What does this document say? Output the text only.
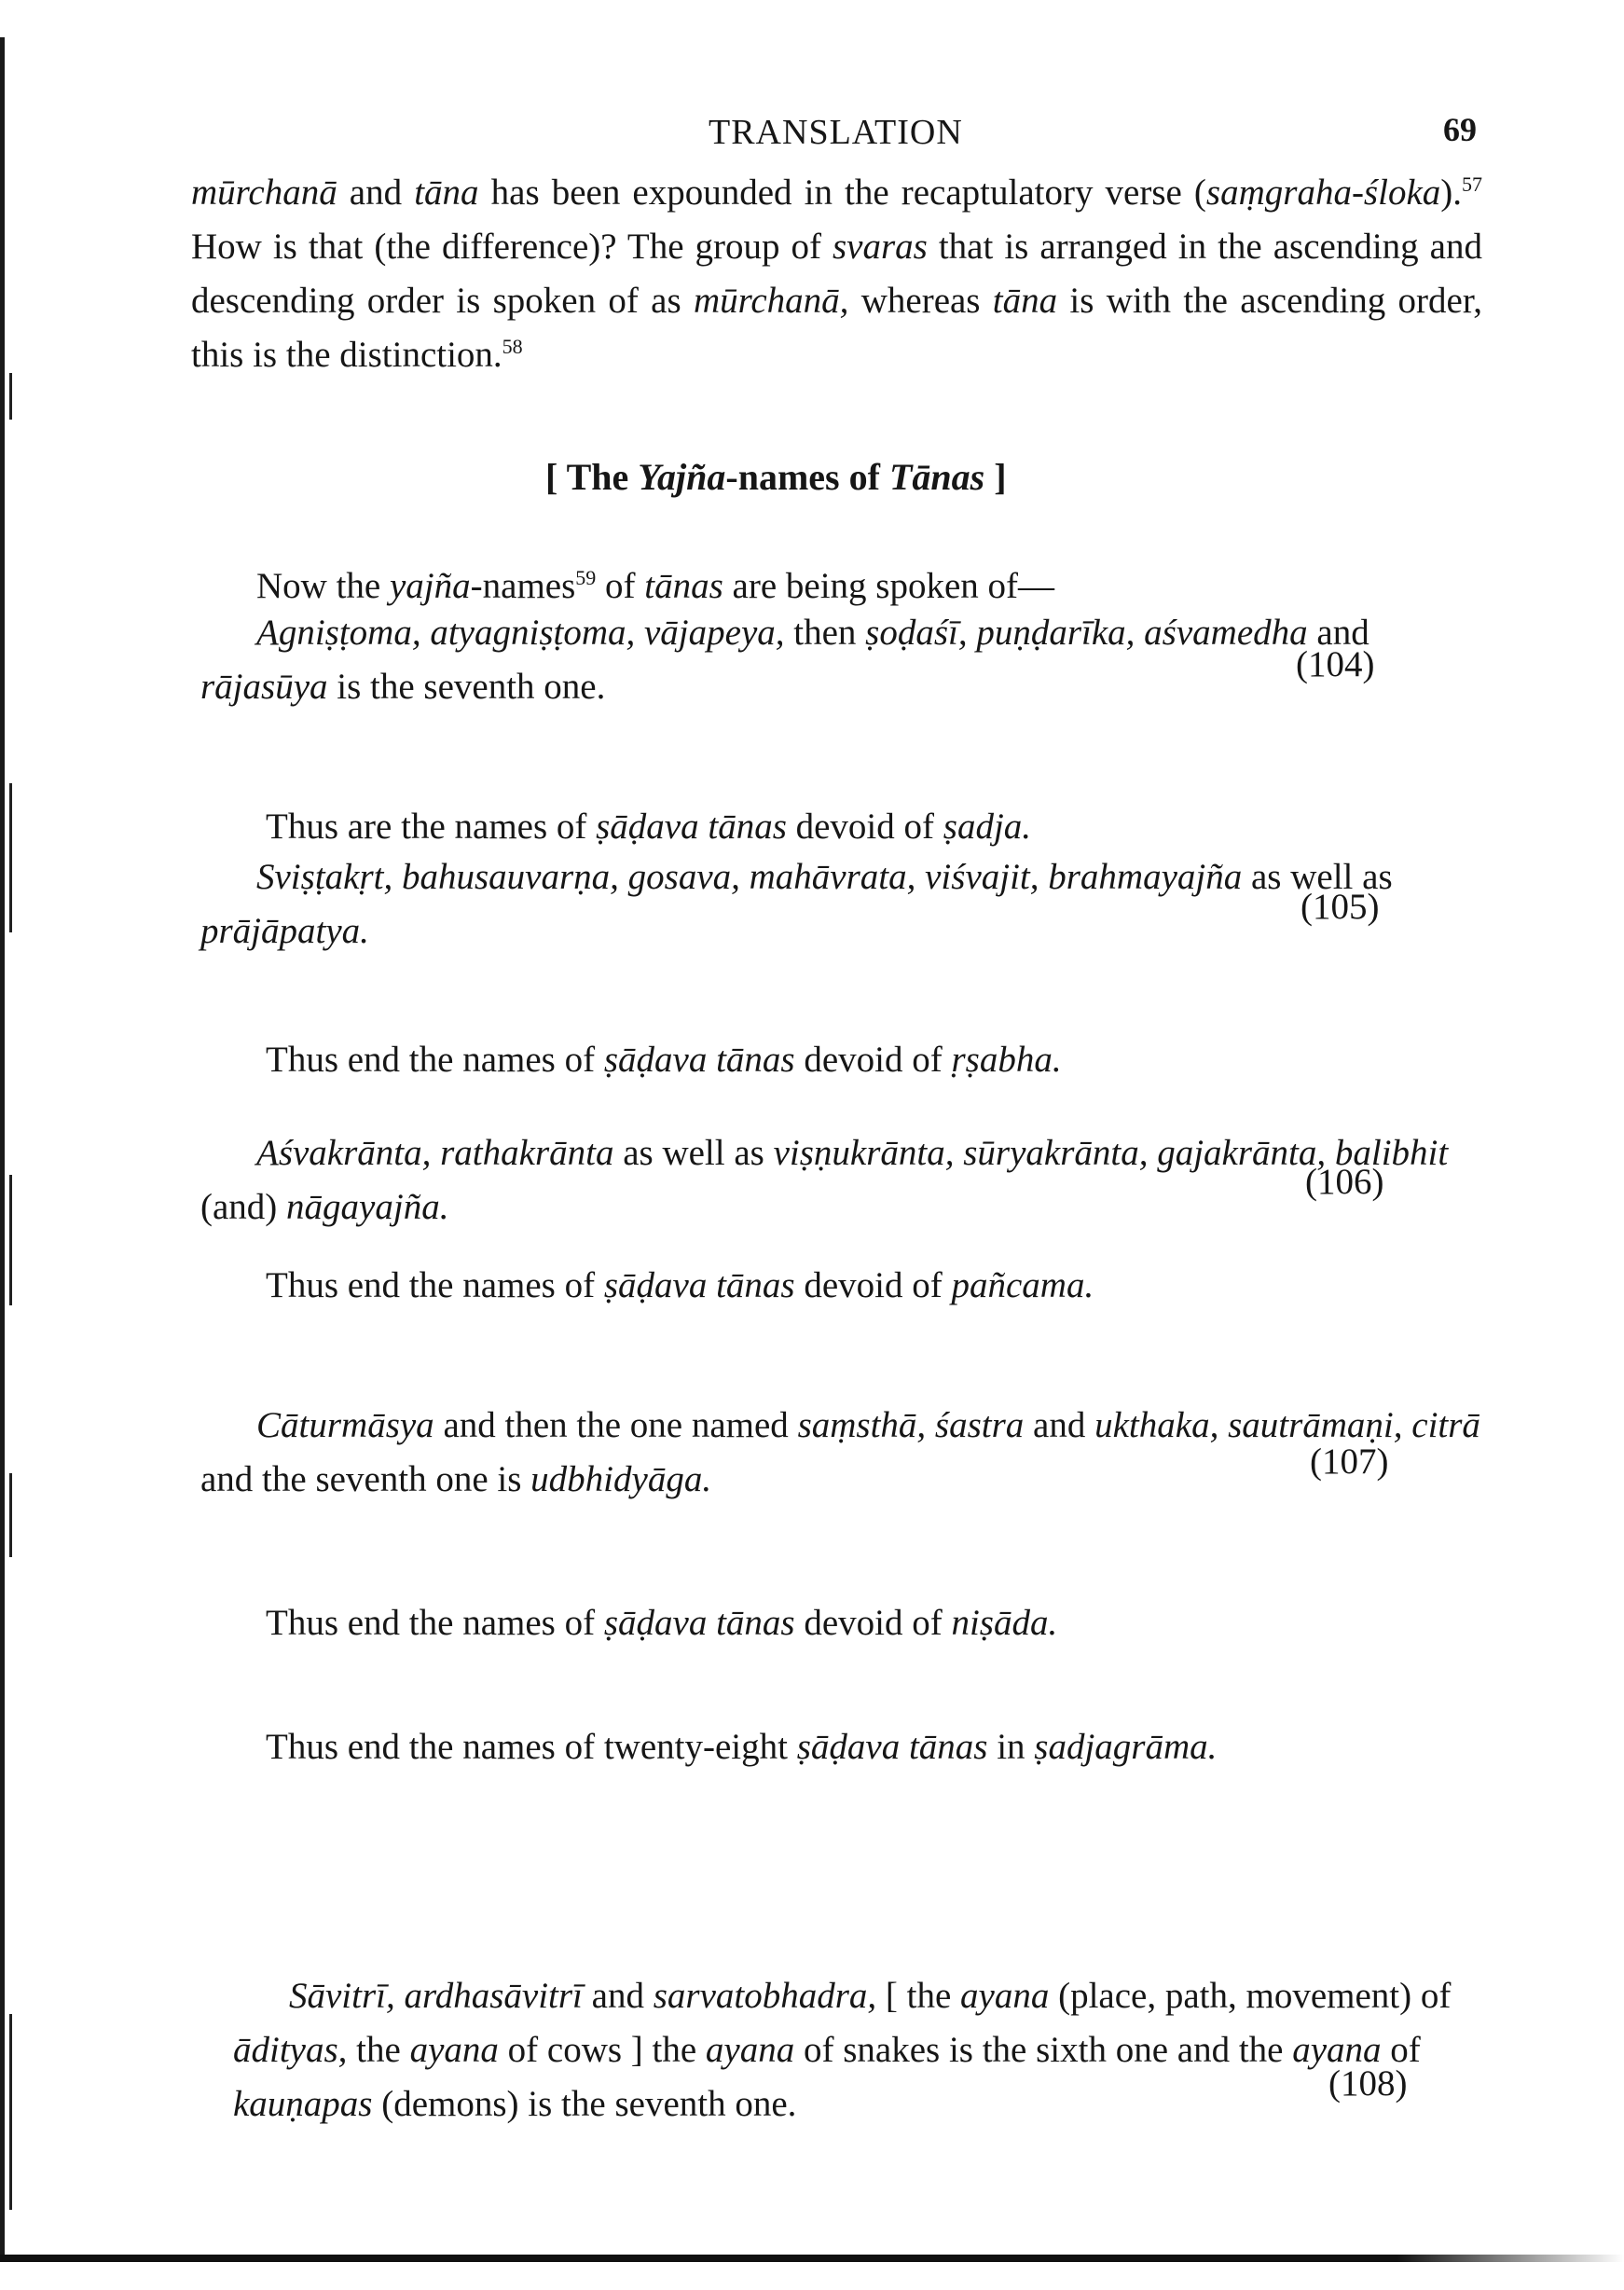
TRANSLATION	69

mūrchanā and tāna has been expounded in the recaptulatory verse (saṃgraha-śloka).$^{57}$ How is that (the difference)? The group of svaras that is arranged in the ascending and descending order is spoken of as mūrchanā, whereas tāna is with the ascending order, this is the distinction.$^{58}$

[ The Yajña-names of Tānas ]

Now the yajña-names$^{59}$ of tānas are being spoken of—

Agniṣṭoma, atyagniṣṭoma, vājapeya, then ṣoḍaśī, puṇḍarīka, aśvamedha and rājasūya is the seventh one.

(104)

Thus are the names of ṣāḍava tānas devoid of ṣadja.

Sviṣṭakṛt, bahusauvarṇa, gosava, mahāvrata, viśvajit, brahmayajña as well as prājāpatya.

(105)

Thus end the names of ṣāḍava tānas devoid of ṛṣabha.

Aśvakrānta, rathakrānta as well as viṣṇukrānta, sūryakrānta, gajakrānta, balibhit (and) nāgayajña.

(106)

Thus end the names of ṣāḍava tānas devoid of pañcama.

Cāturmāsya and then the one named saṃsthā, śastra and ukthaka, sautrāmaṇi, citrā and the seventh one is udbhidyāga.	(107)

Thus end the names of ṣāḍava tānas devoid of niṣāda.

Thus end the names of twenty-eight ṣāḍava tānas in ṣadjagrāma.

Sāvitrī, ardhasāvitrī and sarvatobhadra, [ the ayana (place, path, movement) of ādityas, the ayana of cows ] the ayana of snakes is the sixth one and the ayana of kauṇapas (demons) is the seventh one.

(108)
